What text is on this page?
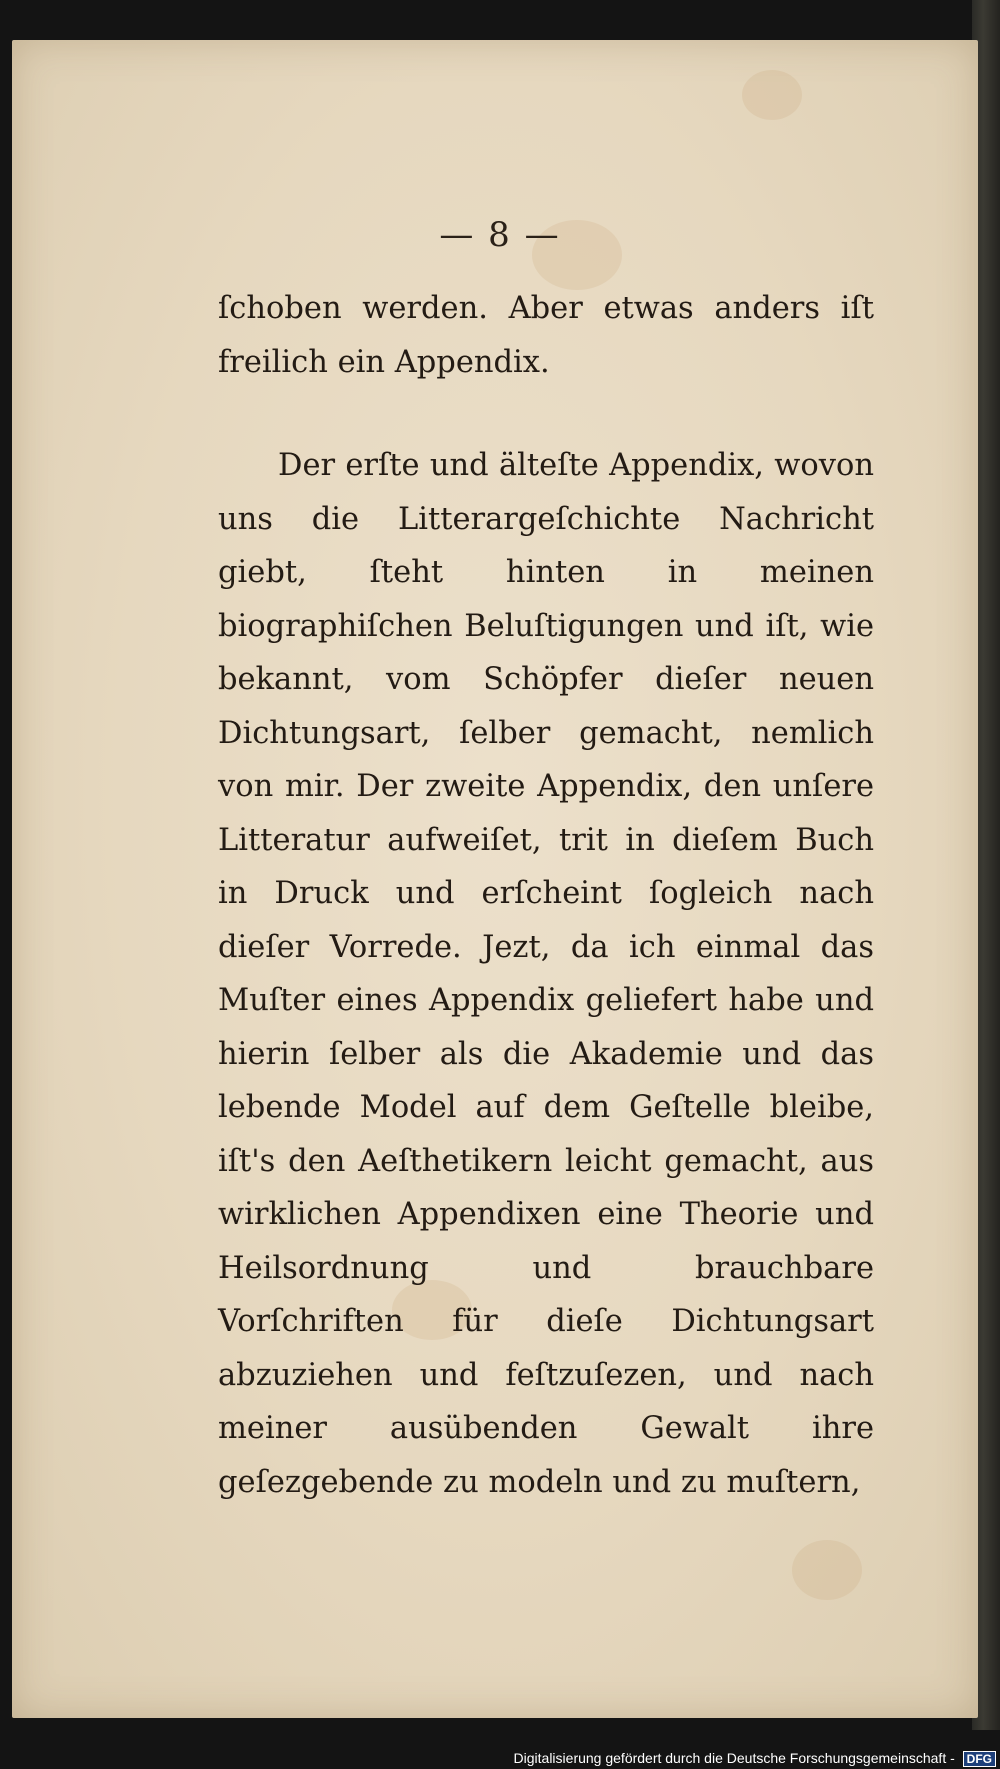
— 8 —

ſchoben werden. Aber etwas anders iſt freilich ein Appendix.

Der erſte und älteſte Appendix, wovon uns die Litterargeſchichte Nachricht giebt, ſteht hinten in meinen biographiſchen Beluſtigungen und iſt, wie bekannt, vom Schöpfer dieſer neuen Dichtungsart, ſelber gemacht, nemlich von mir. Der zweite Appendix, den unſere Litteratur aufweiſet, trit in dieſem Buch in Druck und erſcheint ſogleich nach dieſer Vorrede. Jezt, da ich einmal das Muſter eines Appendix geliefert habe und hierin ſelber als die Akademie und das lebende Model auf dem Geſtelle bleibe, iſt's den Aeſthetikern leicht gemacht, aus wirklichen Appendixen eine Theorie und Heilsordnung und brauchbare Vorſchriften für dieſe Dichtungsart abzuziehen und feſtzuſezen, und nach meiner ausübenden Gewalt ihre geſezgebende zu modeln und zu muſtern,

Digitalisierung gefördert durch die Deutsche Forschungsgemeinschaft - DFG
